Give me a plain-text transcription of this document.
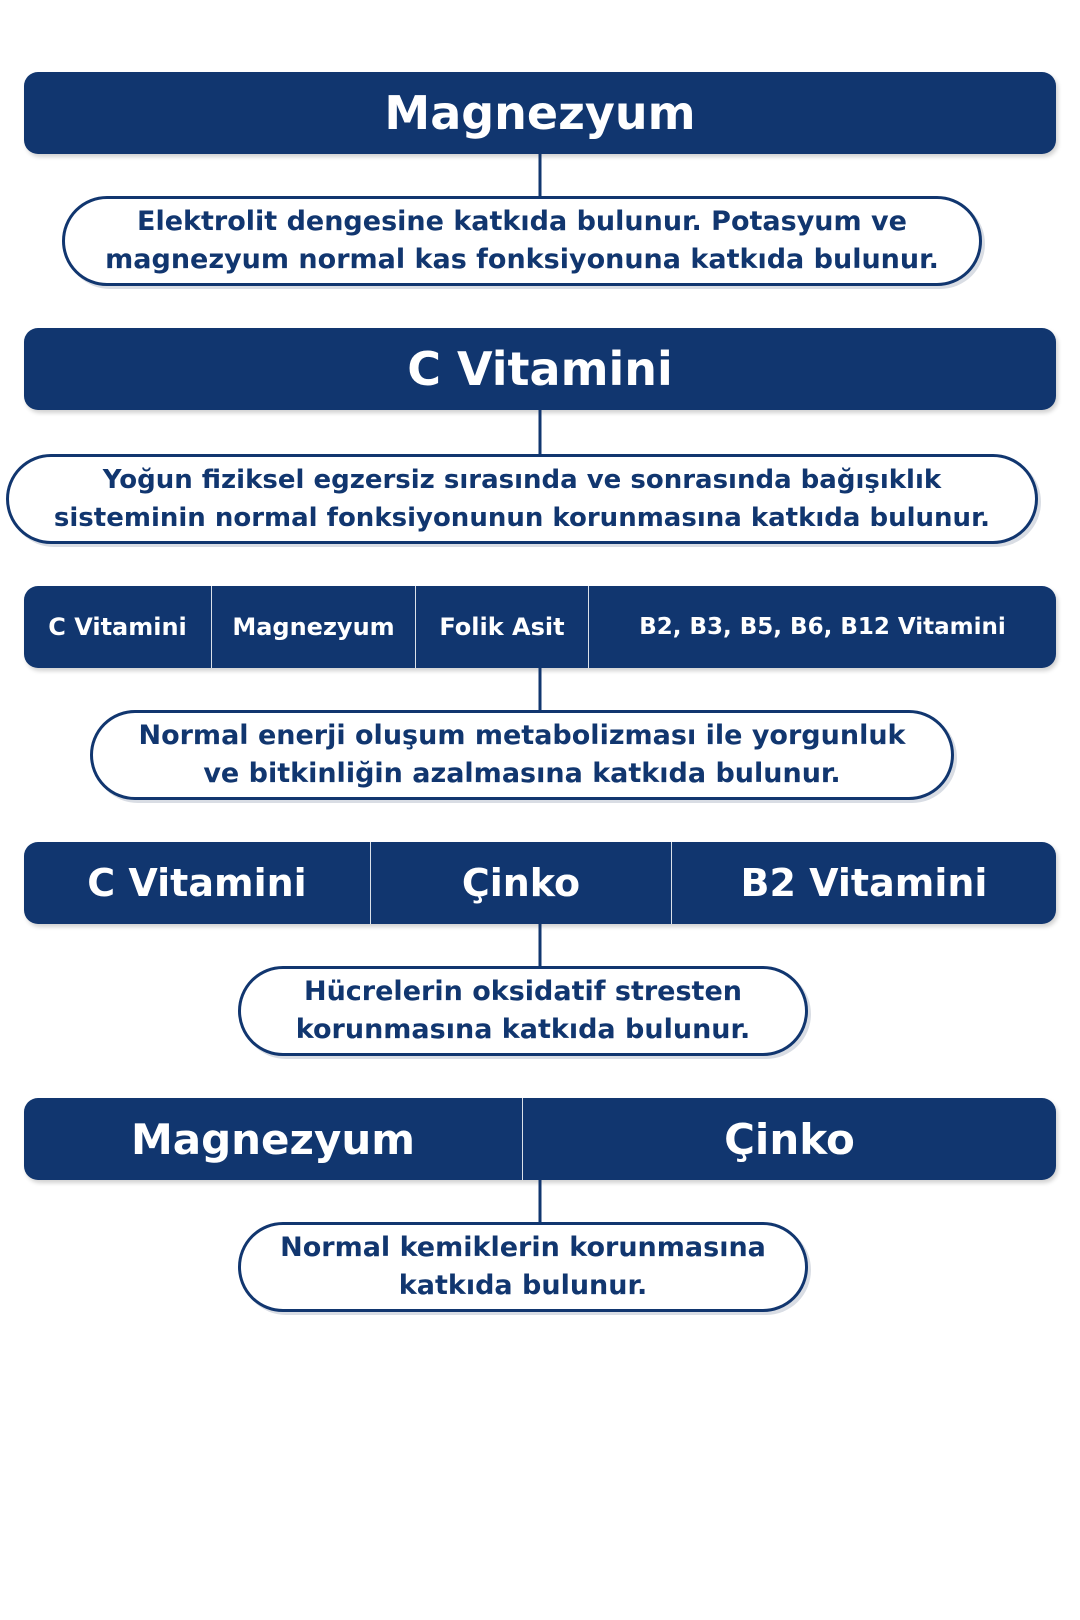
Magnezyum
Elektrolit dengesine katkıda bulunur. Potasyum ve
magnezyum normal kas fonksiyonuna katkıda bulunur.
C Vitamini
Yoğun fiziksel egzersiz sırasında ve sonrasında bağışıklık
sisteminin normal fonksiyonunun korunmasına katkıda bulunur.
C Vitamini	Magnezyum	Folik Asit	B2, B3, B5, B6, B12 Vitamini
Normal enerji oluşum metabolizması ile yorgunluk
ve bitkinliğin azalmasına katkıda bulunur.
C Vitamini	Çinko	B2 Vitamini
Hücrelerin oksidatif stresten
korunmasına katkıda bulunur.
Magnezyum	Çinko
Normal kemiklerin korunmasına
katkıda bulunur.
